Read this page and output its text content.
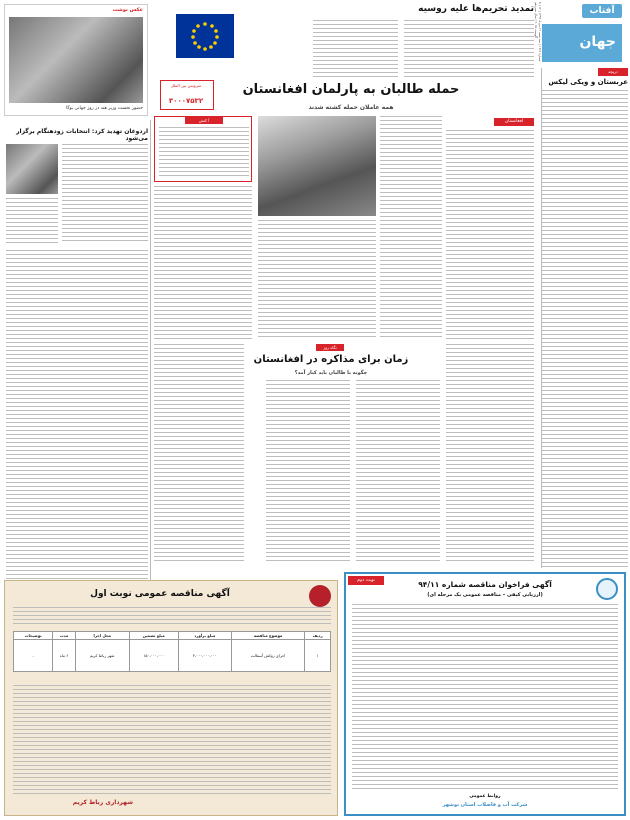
آفتاب
۸ | شماره ۱۶۶۶ | سه شنبه ۲۱ مرداد ۱۳۹۴ | ۱۲ آگوست ۲۰۱۵ | سال سیزدهم
جهان
دریچه
عربستان و ویکی لیکس
تمدید تحریم‌ها علیه روسیه
عکس نوشت
حضور نخست وزیر هند در روز جهانی یوگا
حمله طالبان به پارلمان افغانستان
همه عاملان حمله کشته شدند
سرویس بین الملل
۳۰۰۰۷۵۳۲
افغانستان
آ کنش
اردوغان تهدید کرد: انتخابات زودهنگام برگزار می‌شود
نگاه روز
زمان برای مذاکره در افغانستان
چگونه با طالبان باید کنار آمد؟
نوبت دوم	آگهی فراخوان مناقصه شماره ۹۴/۱۱
(ارزیابی کیفی – مناقصه عمومی یک مرحله ای)
روابط عمومی
شرکت آب و فاضلاب استان بوشهر
آگهی مناقصه عمومی نوبت اول
ردیف	موضوع مناقصه	مبلغ برآورد	مبلغ تضمین	محل اجرا	مدت	توضیحات
۱	اجرای روکش آسفالت	۳،۰۰۰،۰۰۰،۰۰۰	۱۵۰،۰۰۰،۰۰۰	شهر رباط کریم	۶ ماه	-
شهرداری رباط کریم
